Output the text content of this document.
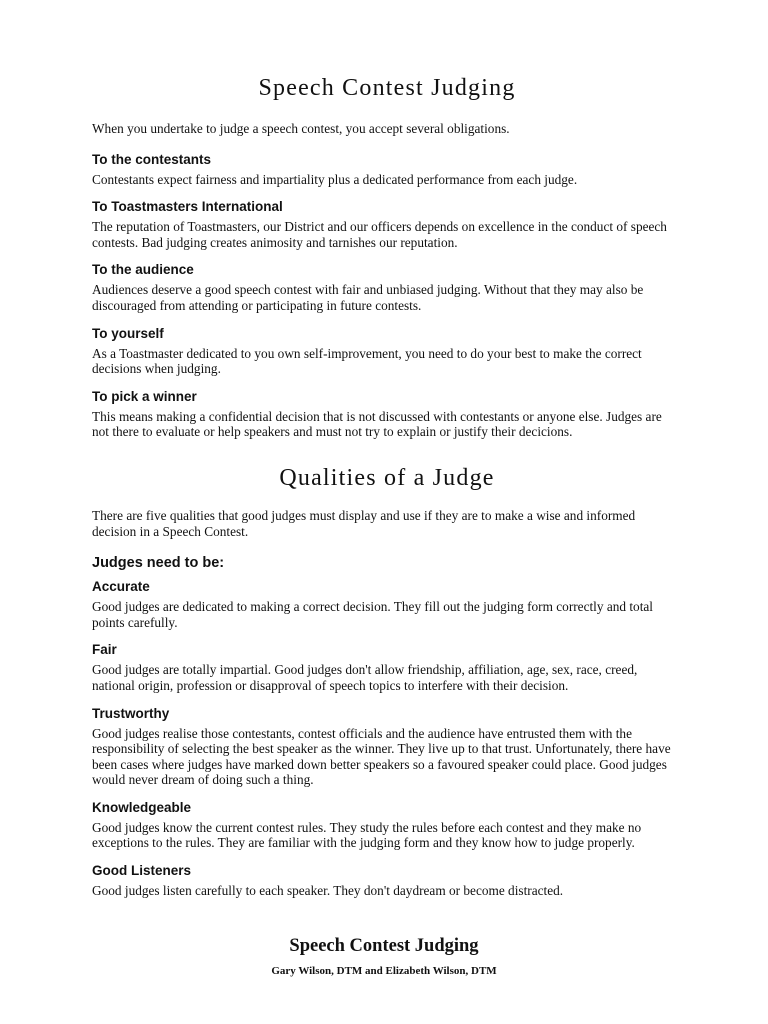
Speech Contest Judging

When you undertake to judge a speech contest, you accept several obligations.

To the contestants

Contestants expect fairness and impartiality plus a dedicated performance from each judge.

To Toastmasters International

The reputation of Toastmasters, our District and our officers depends on excellence in the conduct of speech contests. Bad judging creates animosity and tarnishes our reputation.

To the audience

Audiences deserve a good speech contest with fair and unbiased judging. Without that they may also be discouraged from attending or participating in future contests.

To yourself

As a Toastmaster dedicated to you own self-improvement, you need to do your best to make the correct decisions when judging.

To pick a winner

This means making a confidential decision that is not discussed with contestants or anyone else. Judges are not there to evaluate or help speakers and must not try to explain or justify their decicions.

Qualities of a Judge

There are five qualities that good judges must display and use if they are to make a wise and informed decision in a Speech Contest.

Judges need to be:
Accurate

Good judges are dedicated to making a correct decision. They fill out the judging form correctly and total points carefully.

Fair

Good judges are totally impartial. Good judges don't allow friendship, affiliation, age, sex, race, creed, national origin, profession or disapproval of speech topics to interfere with their decision.

Trustworthy

Good judges realise those contestants, contest officials and the audience have entrusted them with the responsibility of selecting the best speaker as the winner. They live up to that trust. Unfortunately, there have been cases where judges have marked down better speakers so a favoured speaker could place. Good judges would never dream of doing such a thing.

Knowledgeable

Good judges know the current contest rules. They study the rules before each contest and they make no exceptions to the rules. They are familiar with the judging form and they know how to judge properly.

Good Listeners

Good judges listen carefully to each speaker. They don't daydream or become distracted.

Speech Contest Judging

Gary Wilson, DTM and Elizabeth Wilson, DTM
